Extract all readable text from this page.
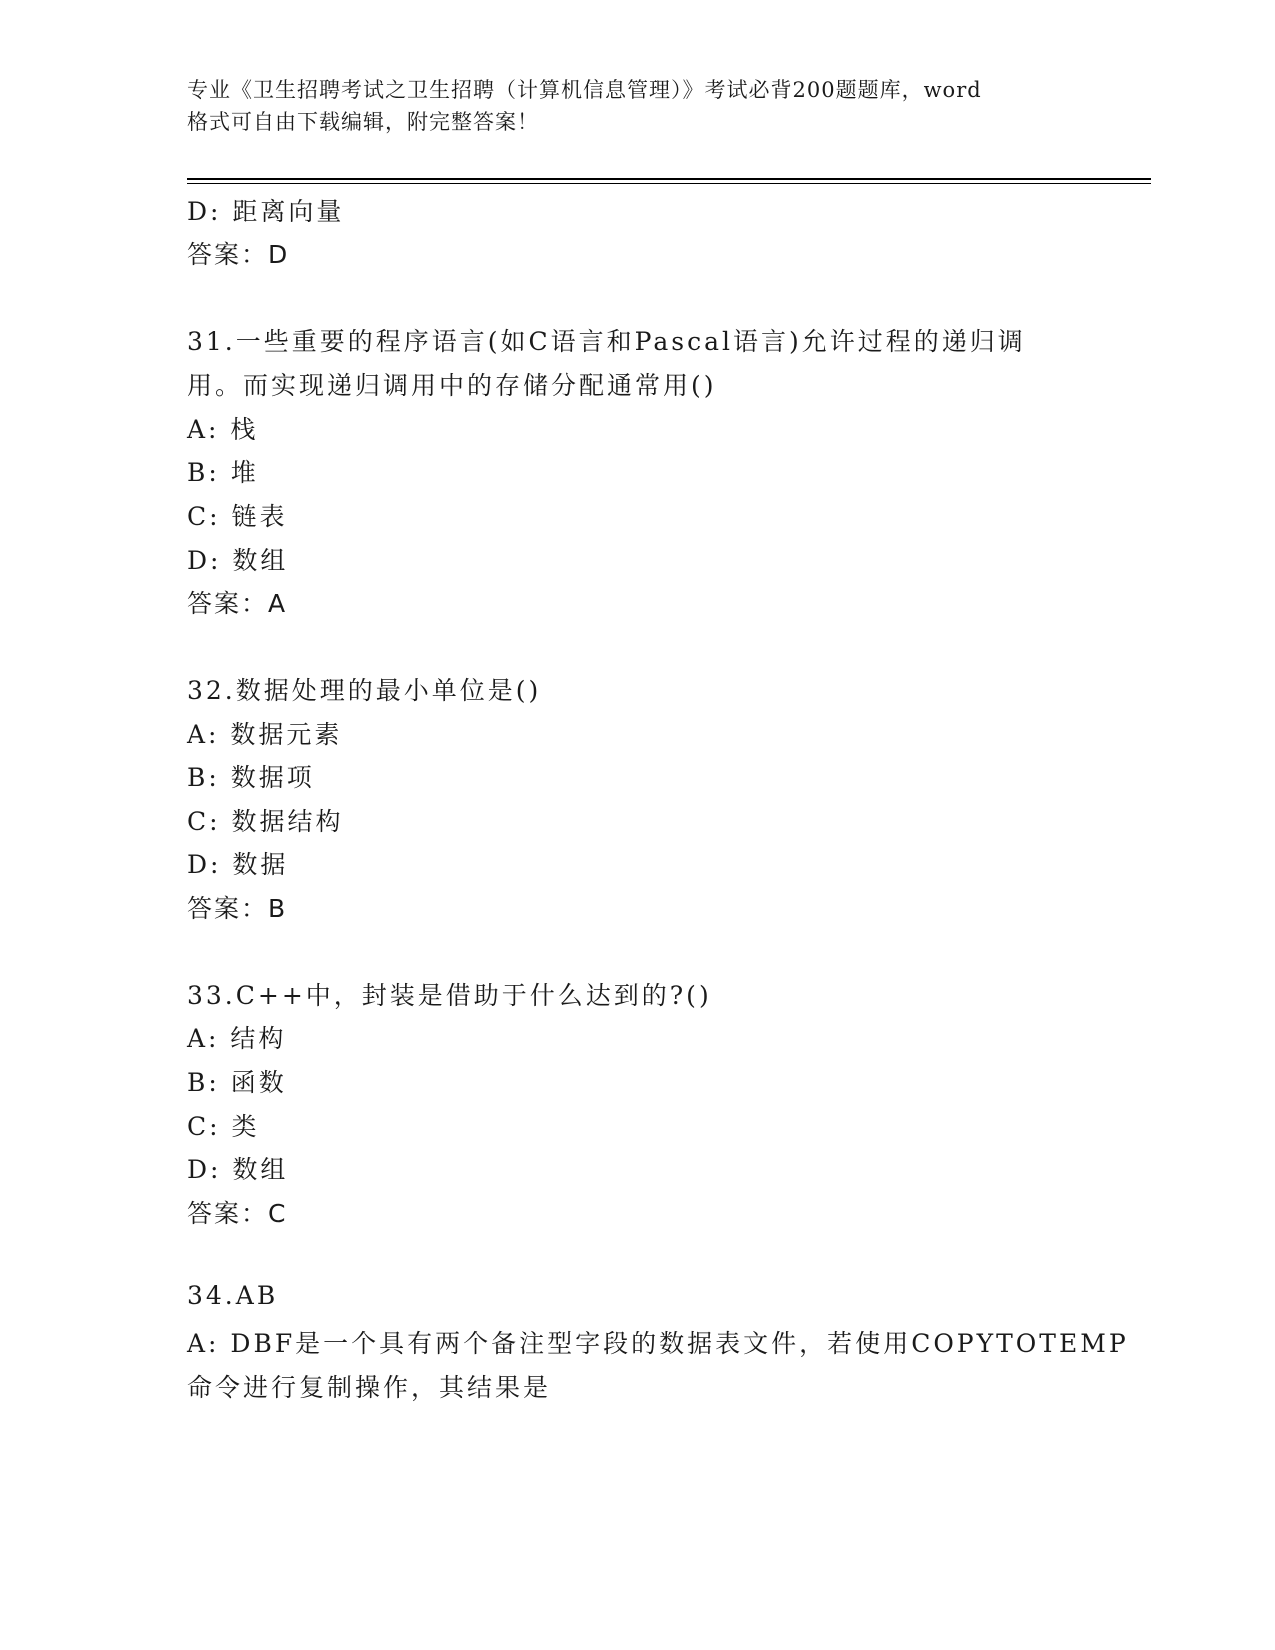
专业《卫生招聘考试之卫生招聘（计算机信息管理）》考试必背200题题库，word
格式可自由下载编辑，附完整答案！
D: 距离向量
答案：D
31.一些重要的程序语言(如C语言和Pascal语言)允许过程的递归调
用。而实现递归调用中的存储分配通常用()
A: 栈
B: 堆
C: 链表
D: 数组
答案：A
32.数据处理的最小单位是()
A: 数据元素
B: 数据项
C: 数据结构
D: 数据
答案：B
33.C++中，封装是借助于什么达到的?()
A: 结构
B: 函数
C: 类
D: 数组
答案：C
34.AB
A: DBF是一个具有两个备注型字段的数据表文件，若使用COPYTOTEMP
命令进行复制操作，其结果是
